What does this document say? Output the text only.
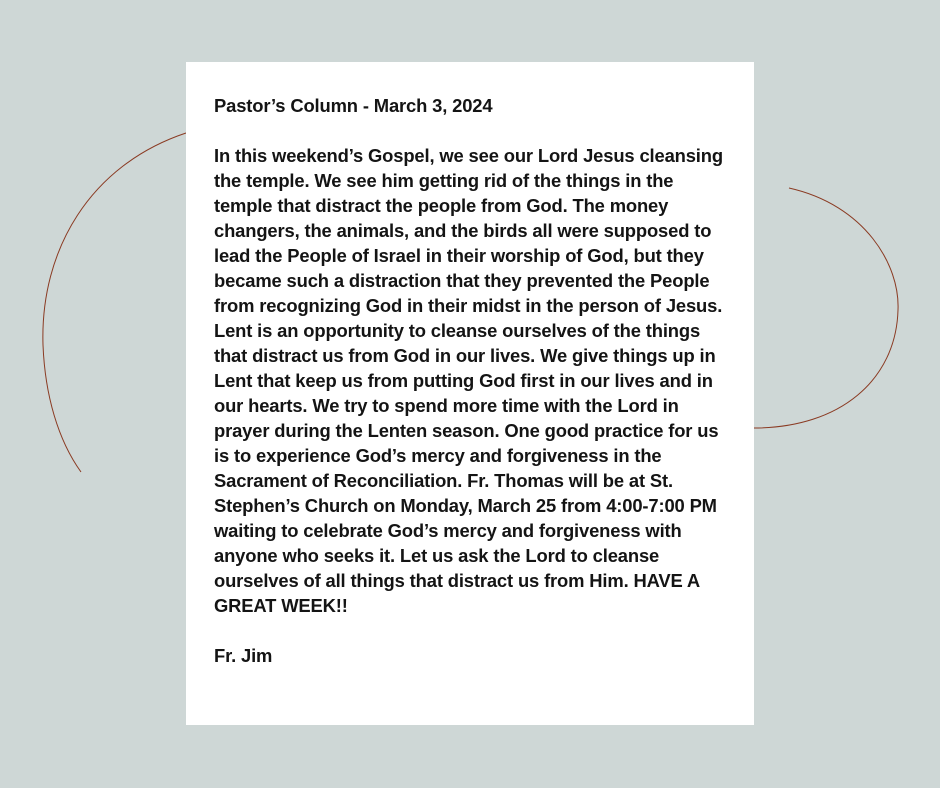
Pastor’s Column - March 3, 2024

In this weekend’s Gospel, we see our Lord Jesus cleansing the temple. We see him getting rid of the things in the temple that distract the people from God. The money changers, the animals, and the birds all were supposed to lead the People of Israel in their worship of God, but they became such a distraction that they prevented the People from recognizing God in their midst in the person of Jesus. Lent is an opportunity to cleanse ourselves of the things that distract us from God in our lives. We give things up in Lent that keep us from putting God first in our lives and in our hearts. We try to spend more time with the Lord in prayer during the Lenten season. One good practice for us is to experience God’s mercy and forgiveness in the Sacrament of Reconciliation. Fr. Thomas will be at St. Stephen’s Church on Monday, March 25 from 4:00-7:00 PM waiting to celebrate God’s mercy and forgiveness with anyone who seeks it. Let us ask the Lord to cleanse ourselves of all things that distract us from Him. HAVE A GREAT WEEK!!

Fr. Jim
